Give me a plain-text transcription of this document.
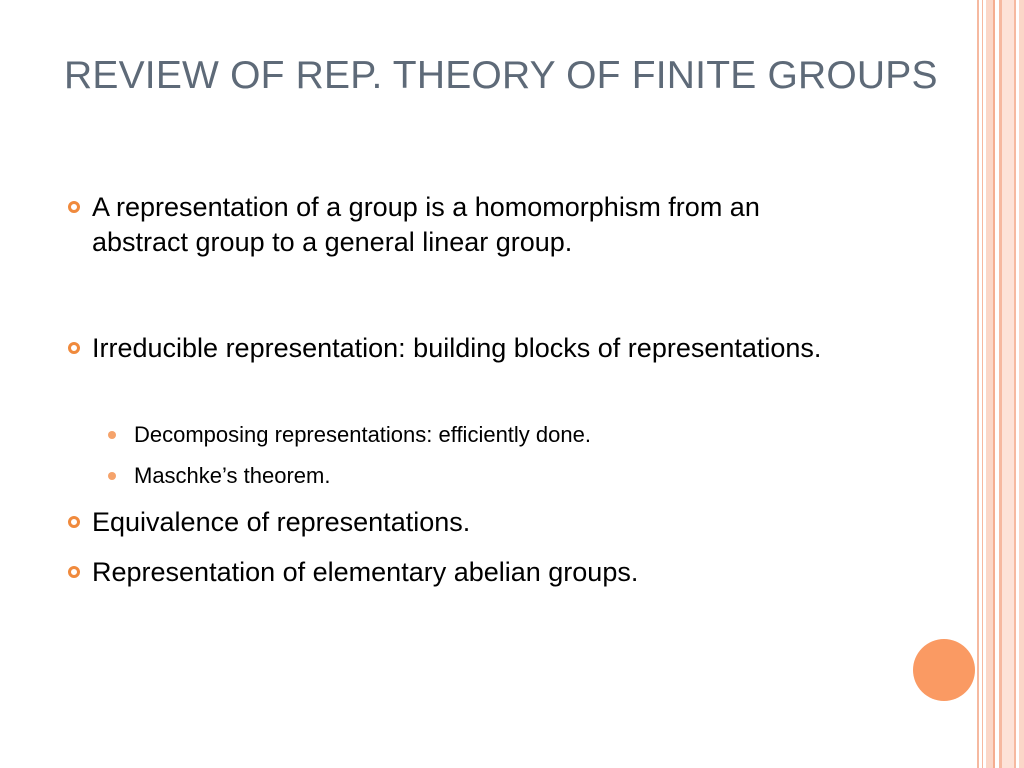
REVIEW OF REP. THEORY OF FINITE GROUPS
A representation of a group is a homomorphism from an abstract group to a general linear group.
Irreducible representation: building blocks of representations.
Decomposing representations: efficiently done.
Maschke’s theorem.
Equivalence of representations.
Representation of elementary abelian groups.
